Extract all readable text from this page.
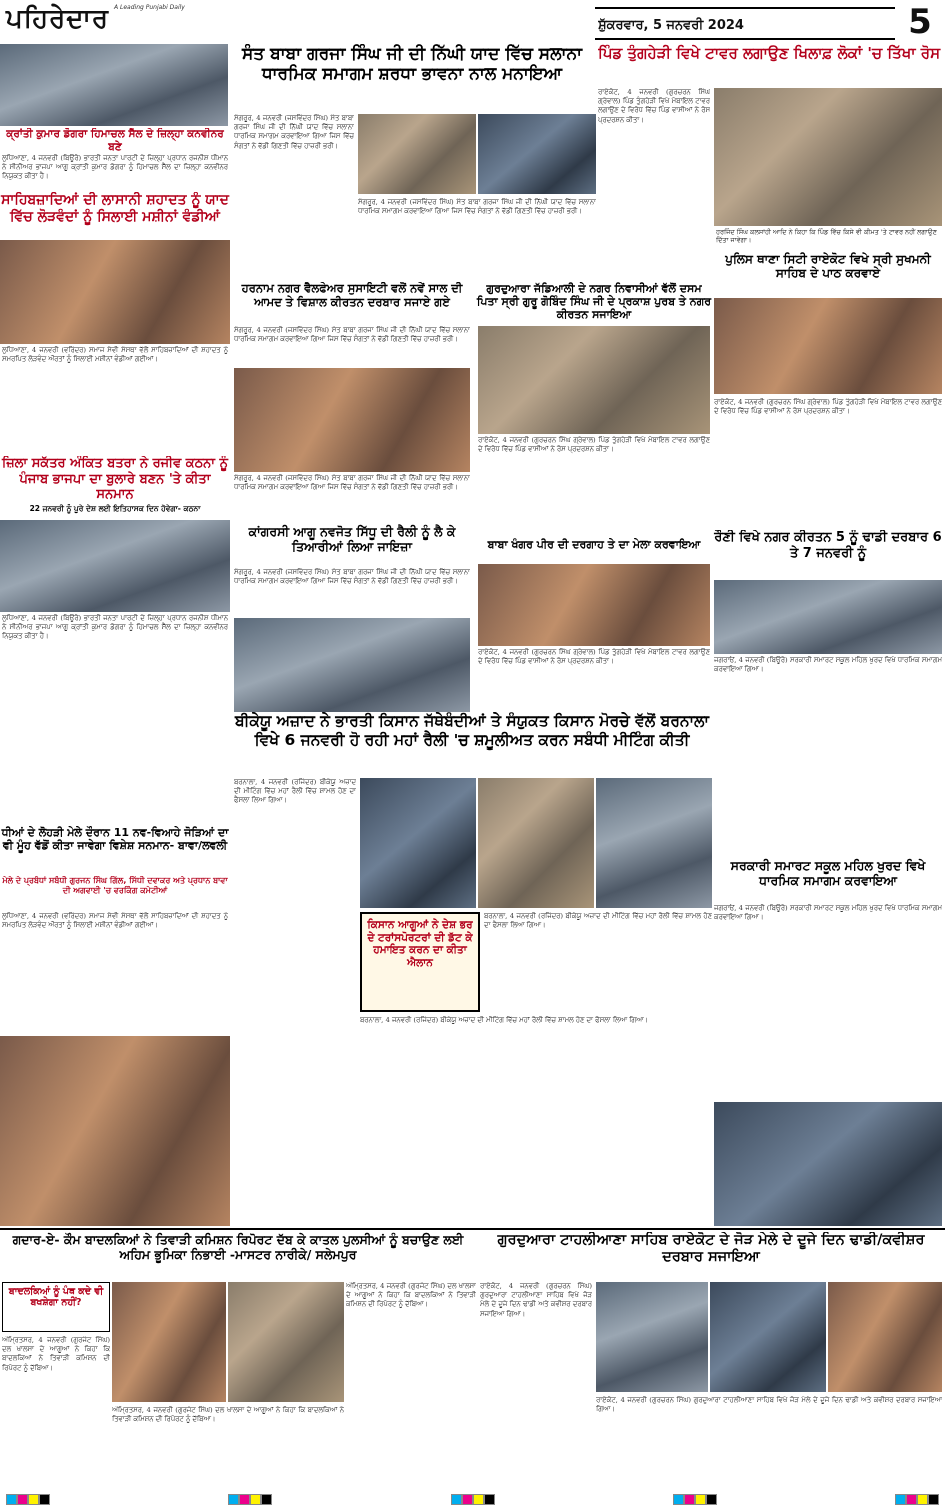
ਪਹਿਰੇਦਾਰ A Leading Punjabi Daily
ਸ਼ੁੱਕਰਵਾਰ, 5 ਜਨਵਰੀ 2024	5
ਸੰਤ ਬਾਬਾ ਗਰਜਾ ਸਿੰਘ ਜੀ ਦੀ ਨਿੱਘੀ ਯਾਦ ਵਿੱਚ ਸਲਾਨਾ ਧਾਰਮਿਕ ਸਮਾਗਮ ਸ਼ਰਧਾ ਭਾਵਨਾ ਨਾਲ ਮਨਾਇਆ
ਪਿੰਡ ਤੁੰਗਹੇੜੀ ਵਿਖੇ ਟਾਵਰ ਲਗਾਉਣ ਖਿਲਾਫ਼ ਲੋਕਾਂ 'ਚ ਤਿੱਖਾ ਰੋਸ
ਕ੍ਰਾਂਤੀ ਕੁਮਾਰ ਡੋਗਰਾ ਹਿਮਾਚਲ ਸੈੱਲ ਦੇ ਜ਼ਿਲ੍ਹਾ ਕਨਵੀਨਰ ਬਣੇ
ਲੁਧਿਆਣਾ, 4 ਜਨਵਰੀ (ਬਿਊਰੋ) ਭਾਰਤੀ ਜਨਤਾ ਪਾਰਟੀ ਦੇ ਜ਼ਿਲ੍ਹਾ ਪ੍ਰਧਾਨ ਰਜਨੀਸ਼ ਧੀਮਾਨ ਨੇ ਸੀਨੀਅਰ ਭਾਜਪਾ ਆਗੂ ਕ੍ਰਾਂਤੀ ਕੁਮਾਰ ਡੋਗਰਾ ਨੂੰ ਹਿਮਾਚਲ ਸੈੱਲ ਦਾ ਜ਼ਿਲ੍ਹਾ ਕਨਵੀਨਰ ਨਿਯੁਕਤ ਕੀਤਾ ਹੈ।
ਸਾਹਿਬਜ਼ਾਦਿਆਂ ਦੀ ਲਾਸਾਨੀ ਸ਼ਹਾਦਤ ਨੂੰ ਯਾਦ ਵਿੱਚ ਲੋੜਵੰਦਾਂ ਨੂੰ ਸਿਲਾਈ ਮਸ਼ੀਨਾਂ ਵੰਡੀਆਂ
ਲੁਧਿਆਣਾ, 4 ਜਨਵਰੀ (ਵਰਿੰਦਰ) ਸਮਾਜ ਸੇਵੀ ਸੰਸਥਾ ਵੱਲੋਂ ਸਾਹਿਬਜ਼ਾਦਿਆਂ ਦੀ ਸ਼ਹਾਦਤ ਨੂੰ ਸਮਰਪਿਤ ਲੋੜਵੰਦ ਔਰਤਾਂ ਨੂੰ ਸਿਲਾਈ ਮਸ਼ੀਨਾਂ ਵੰਡੀਆਂ ਗਈਆਂ।
ਜ਼ਿਲਾ ਸਕੱਤਰ ਅੰਕਿਤ ਬਤਰਾ ਨੇ ਰਜੀਵ ਕਠਨਾ ਨੂੰ ਪੰਜਾਬ ਭਾਜਪਾ ਦਾ ਬੁਲਾਰੇ ਬਣਨ 'ਤੇ ਕੀਤਾ ਸਨਮਾਨ
22 ਜਨਵਰੀ ਨੂੰ ਪੂਰੇ ਦੇਸ਼ ਲਈ ਇਤਿਹਾਸਕ ਦਿਨ ਹੋਵੇਗਾ- ਕਠਨਾ
ਲੁਧਿਆਣਾ, 4 ਜਨਵਰੀ (ਬਿਊਰੋ) ਭਾਰਤੀ ਜਨਤਾ ਪਾਰਟੀ ਦੇ ਜ਼ਿਲ੍ਹਾ ਪ੍ਰਧਾਨ ਰਜਨੀਸ਼ ਧੀਮਾਨ ਨੇ ਸੀਨੀਅਰ ਭਾਜਪਾ ਆਗੂ ਕ੍ਰਾਂਤੀ ਕੁਮਾਰ ਡੋਗਰਾ ਨੂੰ ਹਿਮਾਚਲ ਸੈੱਲ ਦਾ ਜ਼ਿਲ੍ਹਾ ਕਨਵੀਨਰ ਨਿਯੁਕਤ ਕੀਤਾ ਹੈ।
ਧੀਆਂ ਦੇ ਲੋਹੜੀ ਮੇਲੇ ਦੌਰਾਨ 11 ਨਵ-ਵਿਆਹੇ ਜੋੜਿਆਂ ਦਾ ਵੀ ਮੂੰਹ ਵੱਡੋਂ ਕੀਤਾ ਜਾਵੇਗਾ ਵਿਸ਼ੇਸ਼ ਸਨਮਾਨ- ਬਾਵਾ/ਲਵਲੀ
ਮੇਲੇ ਦੇ ਪ੍ਰਬੰਧਾਂ ਸਬੰਧੀ ਗੁਰਜਨ ਸਿੰਘ ਗਿੱਲ, ਸਿੱਧੀ ਦਵਾਕਰ ਅਤੇ ਪ੍ਰਧਾਨ ਬਾਵਾ ਦੀ ਅਗਵਾਈ 'ਚ ਵਰਕਿੰਗ ਕਮੇਟੀਆਂ
ਲੁਧਿਆਣਾ, 4 ਜਨਵਰੀ (ਵਰਿੰਦਰ) ਸਮਾਜ ਸੇਵੀ ਸੰਸਥਾ ਵੱਲੋਂ ਸਾਹਿਬਜ਼ਾਦਿਆਂ ਦੀ ਸ਼ਹਾਦਤ ਨੂੰ ਸਮਰਪਿਤ ਲੋੜਵੰਦ ਔਰਤਾਂ ਨੂੰ ਸਿਲਾਈ ਮਸ਼ੀਨਾਂ ਵੰਡੀਆਂ ਗਈਆਂ।
ਸੰਗਰੂਰ, 4 ਜਨਵਰੀ (ਜਸਵਿੰਦਰ ਸਿੰਘ) ਸੰਤ ਬਾਬਾ ਗਰਜਾ ਸਿੰਘ ਜੀ ਦੀ ਨਿੱਘੀ ਯਾਦ ਵਿੱਚ ਸਲਾਨਾ ਧਾਰਮਿਕ ਸਮਾਗਮ ਕਰਵਾਇਆ ਗਿਆ ਜਿਸ ਵਿੱਚ ਸੰਗਤਾਂ ਨੇ ਵੱਡੀ ਗਿਣਤੀ ਵਿੱਚ ਹਾਜ਼ਰੀ ਭਰੀ।
ਸੰਗਰੂਰ, 4 ਜਨਵਰੀ (ਜਸਵਿੰਦਰ ਸਿੰਘ) ਸੰਤ ਬਾਬਾ ਗਰਜਾ ਸਿੰਘ ਜੀ ਦੀ ਨਿੱਘੀ ਯਾਦ ਵਿੱਚ ਸਲਾਨਾ ਧਾਰਮਿਕ ਸਮਾਗਮ ਕਰਵਾਇਆ ਗਿਆ ਜਿਸ ਵਿੱਚ ਸੰਗਤਾਂ ਨੇ ਵੱਡੀ ਗਿਣਤੀ ਵਿੱਚ ਹਾਜ਼ਰੀ ਭਰੀ।
ਹਰਨਾਮ ਨਗਰ ਵੈਲਫੇਅਰ ਸੁਸਾਇਟੀ ਵਲੋਂ ਨਵੇਂ ਸਾਲ ਦੀ ਆਮਦ ਤੇ ਵਿਸ਼ਾਲ ਕੀਰਤਨ ਦਰਬਾਰ ਸਜਾਏ ਗਏ
ਗੁਰਦੁਆਰਾ ਜੱਡਿਆਲੀ ਦੇ ਨਗਰ ਨਿਵਾਸੀਆਂ ਵੱਲੋਂ ਦਸਮ ਪਿਤਾ ਸ੍ਰੀ ਗੁਰੂ ਗੋਬਿੰਦ ਸਿੰਘ ਜੀ ਦੇ ਪ੍ਰਕਾਸ਼ ਪੁਰਬ ਤੇ ਨਗਰ ਕੀਰਤਨ ਸਜਾਇਆ
ਸੰਗਰੂਰ, 4 ਜਨਵਰੀ (ਜਸਵਿੰਦਰ ਸਿੰਘ) ਸੰਤ ਬਾਬਾ ਗਰਜਾ ਸਿੰਘ ਜੀ ਦੀ ਨਿੱਘੀ ਯਾਦ ਵਿੱਚ ਸਲਾਨਾ ਧਾਰਮਿਕ ਸਮਾਗਮ ਕਰਵਾਇਆ ਗਿਆ ਜਿਸ ਵਿੱਚ ਸੰਗਤਾਂ ਨੇ ਵੱਡੀ ਗਿਣਤੀ ਵਿੱਚ ਹਾਜ਼ਰੀ ਭਰੀ।
ਸੰਗਰੂਰ, 4 ਜਨਵਰੀ (ਜਸਵਿੰਦਰ ਸਿੰਘ) ਸੰਤ ਬਾਬਾ ਗਰਜਾ ਸਿੰਘ ਜੀ ਦੀ ਨਿੱਘੀ ਯਾਦ ਵਿੱਚ ਸਲਾਨਾ ਧਾਰਮਿਕ ਸਮਾਗਮ ਕਰਵਾਇਆ ਗਿਆ ਜਿਸ ਵਿੱਚ ਸੰਗਤਾਂ ਨੇ ਵੱਡੀ ਗਿਣਤੀ ਵਿੱਚ ਹਾਜ਼ਰੀ ਭਰੀ।
ਰਾਏਕੋਟ, 4 ਜਨਵਰੀ (ਗੁਰਚਰਨ ਸਿੰਘ ਗ੍ਰੇਵਾਲ) ਪਿੰਡ ਤੁੰਗਹੇੜੀ ਵਿਖੇ ਮੋਬਾਇਲ ਟਾਵਰ ਲਗਾਉਣ ਦੇ ਵਿਰੋਧ ਵਿੱਚ ਪਿੰਡ ਵਾਸੀਆਂ ਨੇ ਰੋਸ ਪ੍ਰਦਰਸ਼ਨ ਕੀਤਾ।
ਕਾਂਗਰਸੀ ਆਗੂ ਨਵਜੋਤ ਸਿੱਧੂ ਦੀ ਰੈਲੀ ਨੂੰ ਲੈ ਕੇ ਤਿਆਰੀਆਂ ਲਿਆ ਜਾਇਜ਼ਾ
ਸੰਗਰੂਰ, 4 ਜਨਵਰੀ (ਜਸਵਿੰਦਰ ਸਿੰਘ) ਸੰਤ ਬਾਬਾ ਗਰਜਾ ਸਿੰਘ ਜੀ ਦੀ ਨਿੱਘੀ ਯਾਦ ਵਿੱਚ ਸਲਾਨਾ ਧਾਰਮਿਕ ਸਮਾਗਮ ਕਰਵਾਇਆ ਗਿਆ ਜਿਸ ਵਿੱਚ ਸੰਗਤਾਂ ਨੇ ਵੱਡੀ ਗਿਣਤੀ ਵਿੱਚ ਹਾਜ਼ਰੀ ਭਰੀ।
ਬਾਬਾ ਖੰਗਰ ਪੀਰ ਦੀ ਦਰਗਾਹ ਤੇ ਦਾ ਮੇਲਾ ਕਰਵਾਇਆ
ਰਾਏਕੋਟ, 4 ਜਨਵਰੀ (ਗੁਰਚਰਨ ਸਿੰਘ ਗ੍ਰੇਵਾਲ) ਪਿੰਡ ਤੁੰਗਹੇੜੀ ਵਿਖੇ ਮੋਬਾਇਲ ਟਾਵਰ ਲਗਾਉਣ ਦੇ ਵਿਰੋਧ ਵਿੱਚ ਪਿੰਡ ਵਾਸੀਆਂ ਨੇ ਰੋਸ ਪ੍ਰਦਰਸ਼ਨ ਕੀਤਾ।
ਬੀਕੇਯੂ ਅਜ਼ਾਦ ਨੇ ਭਾਰਤੀ ਕਿਸਾਨ ਜੱਥੇਬੰਦੀਆਂ ਤੇ ਸੰਯੁਕਤ ਕਿਸਾਨ ਮੋਰਚੇ ਵੱਲੋਂ ਬਰਨਾਲਾ ਵਿਖੇ 6 ਜਨਵਰੀ ਹੋ ਰਹੀ ਮਹਾਂ ਰੈਲੀ 'ਚ ਸ਼ਮੂਲੀਅਤ ਕਰਨ ਸਬੰਧੀ ਮੀਟਿੰਗ ਕੀਤੀ
ਬਰਨਾਲਾ, 4 ਜਨਵਰੀ (ਰਜਿੰਦਰ) ਬੀਕੇਯੂ ਅਜ਼ਾਦ ਦੀ ਮੀਟਿੰਗ ਵਿੱਚ ਮਹਾਂ ਰੈਲੀ ਵਿੱਚ ਸ਼ਾਮਲ ਹੋਣ ਦਾ ਫੈਸਲਾ ਲਿਆ ਗਿਆ।
ਕਿਸਾਨ ਆਗੂਆਂ ਨੇ ਦੇਸ਼ ਭਰ ਦੇ ਟਰਾਂਸਪੋਰਟਰਾਂ ਦੀ ਡੱਟ ਕੇ ਹਮਾਇਤ ਕਰਨ ਦਾ ਕੀਤਾ ਐਲਾਨ
ਬਰਨਾਲਾ, 4 ਜਨਵਰੀ (ਰਜਿੰਦਰ) ਬੀਕੇਯੂ ਅਜ਼ਾਦ ਦੀ ਮੀਟਿੰਗ ਵਿੱਚ ਮਹਾਂ ਰੈਲੀ ਵਿੱਚ ਸ਼ਾਮਲ ਹੋਣ ਦਾ ਫੈਸਲਾ ਲਿਆ ਗਿਆ।
ਬਰਨਾਲਾ, 4 ਜਨਵਰੀ (ਰਜਿੰਦਰ) ਬੀਕੇਯੂ ਅਜ਼ਾਦ ਦੀ ਮੀਟਿੰਗ ਵਿੱਚ ਮਹਾਂ ਰੈਲੀ ਵਿੱਚ ਸ਼ਾਮਲ ਹੋਣ ਦਾ ਫੈਸਲਾ ਲਿਆ ਗਿਆ।
ਰਾਏਕੋਟ, 4 ਜਨਵਰੀ (ਗੁਰਚਰਨ ਸਿੰਘ ਗ੍ਰੇਵਾਲ) ਪਿੰਡ ਤੁੰਗਹੇੜੀ ਵਿਖੇ ਮੋਬਾਇਲ ਟਾਵਰ ਲਗਾਉਣ ਦੇ ਵਿਰੋਧ ਵਿੱਚ ਪਿੰਡ ਵਾਸੀਆਂ ਨੇ ਰੋਸ ਪ੍ਰਦਰਸ਼ਨ ਕੀਤਾ।
ਹਰਜਿੰਦ ਸਿੰਘ ਕਲਸਾਂਹੀ ਆਦਿ ਨੇ ਕਿਹਾ ਕਿ ਪਿੰਡ ਵਿੱਚ ਕਿਸੇ ਵੀ ਕੀਮਤ 'ਤੇ ਟਾਵਰ ਨਹੀਂ ਲਗਾਉਣ ਦਿੱਤਾ ਜਾਵੇਗਾ।
ਪੁਲਿਸ ਥਾਣਾ ਸਿਟੀ ਰਾਏਕੋਟ ਵਿਖੇ ਸ੍ਰੀ ਸੁਖਮਨੀ ਸਾਹਿਬ ਦੇ ਪਾਠ ਕਰਵਾਏ
ਰਾਏਕੋਟ, 4 ਜਨਵਰੀ (ਗੁਰਚਰਨ ਸਿੰਘ ਗ੍ਰੇਵਾਲ) ਪਿੰਡ ਤੁੰਗਹੇੜੀ ਵਿਖੇ ਮੋਬਾਇਲ ਟਾਵਰ ਲਗਾਉਣ ਦੇ ਵਿਰੋਧ ਵਿੱਚ ਪਿੰਡ ਵਾਸੀਆਂ ਨੇ ਰੋਸ ਪ੍ਰਦਰਸ਼ਨ ਕੀਤਾ।
ਰੌਣੀ ਵਿਖੇ ਨਗਰ ਕੀਰਤਨ 5 ਨੂੰ ਢਾਡੀ ਦਰਬਾਰ 6 ਤੇ 7 ਜਨਵਰੀ ਨੂੰ
ਜਗਰਾਓਂ, 4 ਜਨਵਰੀ (ਬਿਊਰੋ) ਸਰਕਾਰੀ ਸਮਾਰਟ ਸਕੂਲ ਮਹਿਲ ਖੁਰਦ ਵਿਖੇ ਧਾਰਮਿਕ ਸਮਾਗਮ ਕਰਵਾਇਆ ਗਿਆ।
ਸਰਕਾਰੀ ਸਮਾਰਟ ਸਕੂਲ ਮਹਿਲ ਖੁਰਦ ਵਿਖੇ ਧਾਰਮਿਕ ਸਮਾਗਮ ਕਰਵਾਇਆ
ਜਗਰਾਓਂ, 4 ਜਨਵਰੀ (ਬਿਊਰੋ) ਸਰਕਾਰੀ ਸਮਾਰਟ ਸਕੂਲ ਮਹਿਲ ਖੁਰਦ ਵਿਖੇ ਧਾਰਮਿਕ ਸਮਾਗਮ ਕਰਵਾਇਆ ਗਿਆ।
ਗਦਾਰ-ਏ- ਕੌਮ ਬਾਦਲਕਿਆਂ ਨੇ ਤਿਵਾੜੀ ਕਮਿਸ਼ਨ ਰਿਪੋਰਟ ਦੱਬ ਕੇ ਕਾਤਲ ਪੁਲਸੀਆਂ ਨੂੰ ਬਚਾਉਣ ਲਈ ਅਹਿਮ ਭੂਮਿਕਾ ਨਿਭਾਈ -ਮਾਸਟਰ ਨਾਰੀਕੇ/ ਸਲੇਮਪੁਰ
ਗੁਰਦੁਆਰਾ ਟਾਹਲੀਆਣਾ ਸਾਹਿਬ ਰਾਏਕੋਟ ਦੇ ਜੋੜ ਮੇਲੇ ਦੇ ਦੂਜੇ ਦਿਨ ਢਾਡੀ/ਕਵੀਸ਼ਰ ਦਰਬਾਰ ਸਜਾਇਆ
ਬਾਦਲਕਿਆਂ ਨੂੰ ਪੰਥ ਕਦੇ ਵੀ ਬਖਸ਼ੇਗਾ ਨਹੀਂ?
ਅੰਮ੍ਰਿਤਸਰ, 4 ਜਨਵਰੀ (ਗੁਰਜੰਟ ਸਿੰਘ) ਦਲ ਖਾਲਸਾ ਦੇ ਆਗੂਆਂ ਨੇ ਕਿਹਾ ਕਿ ਬਾਦਲਕਿਆਂ ਨੇ ਤਿਵਾੜੀ ਕਮਿਸ਼ਨ ਦੀ ਰਿਪੋਰਟ ਨੂੰ ਦੱਬਿਆ।
ਅੰਮ੍ਰਿਤਸਰ, 4 ਜਨਵਰੀ (ਗੁਰਜੰਟ ਸਿੰਘ) ਦਲ ਖਾਲਸਾ ਦੇ ਆਗੂਆਂ ਨੇ ਕਿਹਾ ਕਿ ਬਾਦਲਕਿਆਂ ਨੇ ਤਿਵਾੜੀ ਕਮਿਸ਼ਨ ਦੀ ਰਿਪੋਰਟ ਨੂੰ ਦੱਬਿਆ।
ਅੰਮ੍ਰਿਤਸਰ, 4 ਜਨਵਰੀ (ਗੁਰਜੰਟ ਸਿੰਘ) ਦਲ ਖਾਲਸਾ ਦੇ ਆਗੂਆਂ ਨੇ ਕਿਹਾ ਕਿ ਬਾਦਲਕਿਆਂ ਨੇ ਤਿਵਾੜੀ ਕਮਿਸ਼ਨ ਦੀ ਰਿਪੋਰਟ ਨੂੰ ਦੱਬਿਆ।
ਰਾਏਕੋਟ, 4 ਜਨਵਰੀ (ਗੁਰਚਰਨ ਸਿੰਘ) ਗੁਰਦੁਆਰਾ ਟਾਹਲੀਆਣਾ ਸਾਹਿਬ ਵਿਖੇ ਜੋੜ ਮੇਲੇ ਦੇ ਦੂਜੇ ਦਿਨ ਢਾਡੀ ਅਤੇ ਕਵੀਸ਼ਰ ਦਰਬਾਰ ਸਜਾਇਆ ਗਿਆ।
ਰਾਏਕੋਟ, 4 ਜਨਵਰੀ (ਗੁਰਚਰਨ ਸਿੰਘ) ਗੁਰਦੁਆਰਾ ਟਾਹਲੀਆਣਾ ਸਾਹਿਬ ਵਿਖੇ ਜੋੜ ਮੇਲੇ ਦੇ ਦੂਜੇ ਦਿਨ ਢਾਡੀ ਅਤੇ ਕਵੀਸ਼ਰ ਦਰਬਾਰ ਸਜਾਇਆ ਗਿਆ।
